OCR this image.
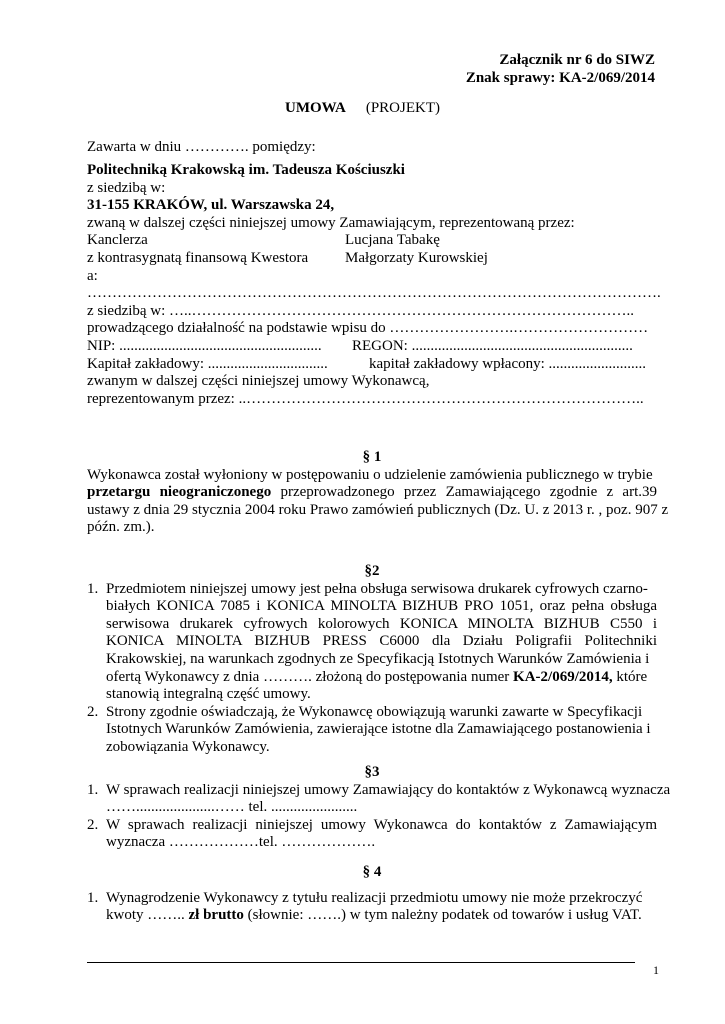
Załącznik nr 6 do SIWZ
Znak sprawy: KA-2/069/2014
UMOWA (PROJEKT)
Zawarta w dniu …………. pomiędzy:
Politechniką Krakowską im. Tadeusza Kościuszki
z siedzibą w:
31-155 KRAKÓW, ul. Warszawska 24,
zwaną w dalszej części niniejszej umowy Zamawiającym, reprezentowaną przez:
Kanclerza	Lucjana Tabakę
z kontrasygnatą finansową Kwestora	Małgorzaty Kurowskiej
a:
…………………………………………………………………………………………………….
z siedzibą w: …..……………………………………………………………………………..
prowadzącego działalność na podstawie wpisu do …………………….………………………
NIP: ......................................................	REGON: ...........................................................
Kapitał zakładowy: ................................	kapitał zakładowy wpłacony: ..........................
zwanym w dalszej części niniejszej umowy Wykonawcą,
reprezentowanym przez: ..……………………………………………………………………..
§ 1
Wykonawca został wyłoniony w postępowaniu o udzielenie zamówienia publicznego w trybie
przetargu nieograniczonego przeprowadzonego przez Zamawiającego zgodnie z art.39
ustawy z dnia 29 stycznia 2004 roku Prawo zamówień publicznych (Dz. U. z 2013 r. , poz. 907 z
późn. zm.).
§2
1. Przedmiotem niniejszej umowy jest pełna obsługa serwisowa drukarek cyfrowych czarno-
białych KONICA 7085 i KONICA MINOLTA BIZHUB PRO 1051, oraz pełna obsługa
serwisowa drukarek cyfrowych kolorowych KONICA MINOLTA BIZHUB C550 i
KONICA MINOLTA BIZHUB PRESS C6000 dla Działu Poligrafii Politechniki
Krakowskiej, na warunkach zgodnych ze Specyfikacją Istotnych Warunków Zamówienia i
ofertą Wykonawcy z dnia ………. złożoną do postępowania numer KA-2/069/2014, które
stanowią integralną część umowy.
2. Strony zgodnie oświadczają, że Wykonawcę obowiązują warunki zawarte w Specyfikacji
Istotnych Warunków Zamówienia, zawierające istotne dla Zamawiającego postanowienia i
zobowiązania Wykonawcy.
§3
1. W sprawach realizacji niniejszej umowy Zamawiający do kontaktów z Wykonawcą wyznacza
…….....................…… tel. .......................
2. W sprawach realizacji niniejszej umowy Wykonawca do kontaktów z Zamawiającym
wyznacza ………………tel. ……………….
§ 4
1. Wynagrodzenie Wykonawcy z tytułu realizacji przedmiotu umowy nie może przekroczyć
kwoty …….. zł brutto (słownie: …….) w tym należny podatek od towarów i usług VAT.
1
